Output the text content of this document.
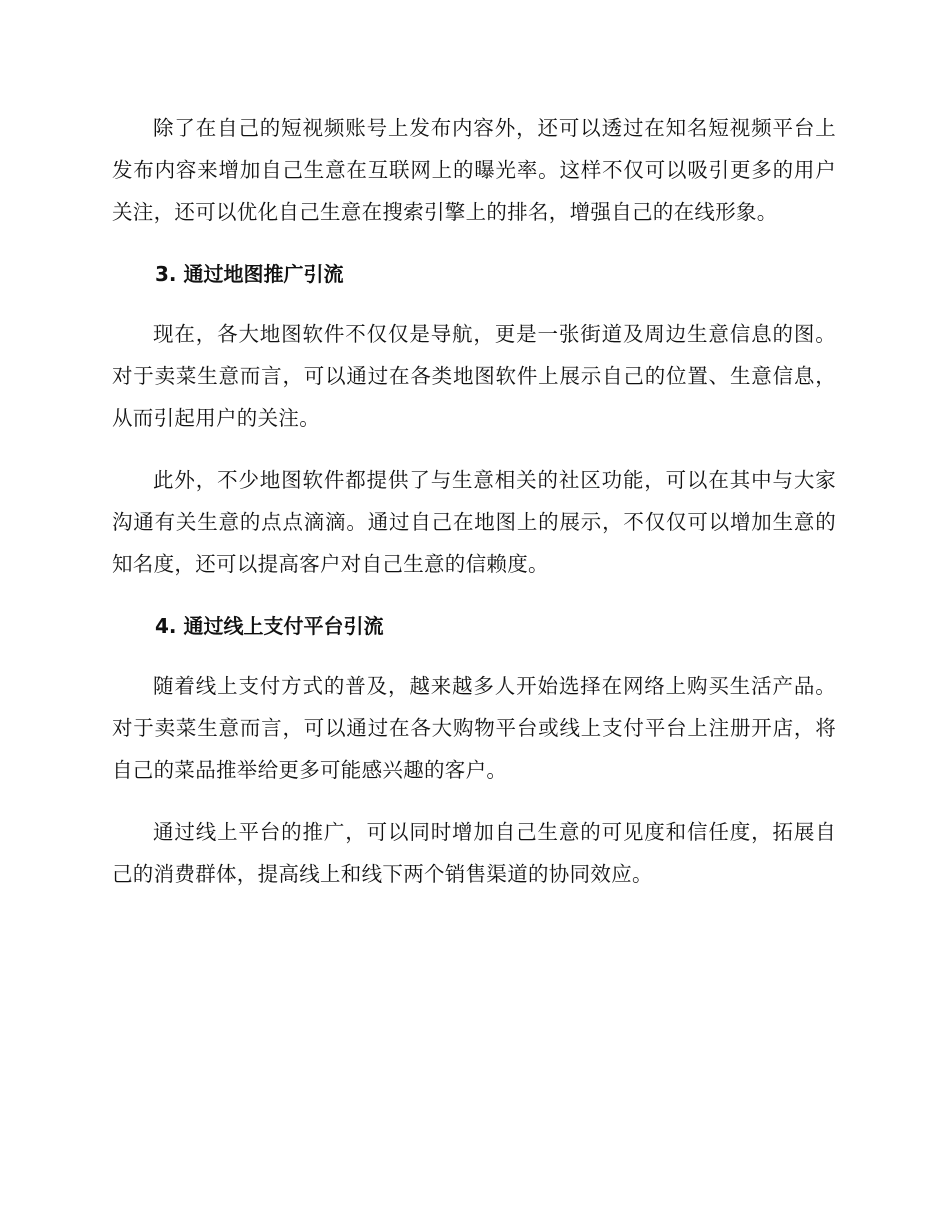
除了在自己的短视频账号上发布内容外，还可以透过在知名短视频平台上发布内容来增加自己生意在互联网上的曝光率。这样不仅可以吸引更多的用户关注，还可以优化自己生意在搜索引擎上的排名，增强自己的在线形象。

3. 通过地图推广引流

现在，各大地图软件不仅仅是导航，更是一张街道及周边生意信息的图。对于卖菜生意而言，可以通过在各类地图软件上展示自己的位置、生意信息，从而引起用户的关注。

此外，不少地图软件都提供了与生意相关的社区功能，可以在其中与大家沟通有关生意的点点滴滴。通过自己在地图上的展示，不仅仅可以增加生意的知名度，还可以提高客户对自己生意的信赖度。

4. 通过线上支付平台引流

随着线上支付方式的普及，越来越多人开始选择在网络上购买生活产品。对于卖菜生意而言，可以通过在各大购物平台或线上支付平台上注册开店，将自己的菜品推举给更多可能感兴趣的客户。

通过线上平台的推广，可以同时增加自己生意的可见度和信任度，拓展自己的消费群体，提高线上和线下两个销售渠道的协同效应。
